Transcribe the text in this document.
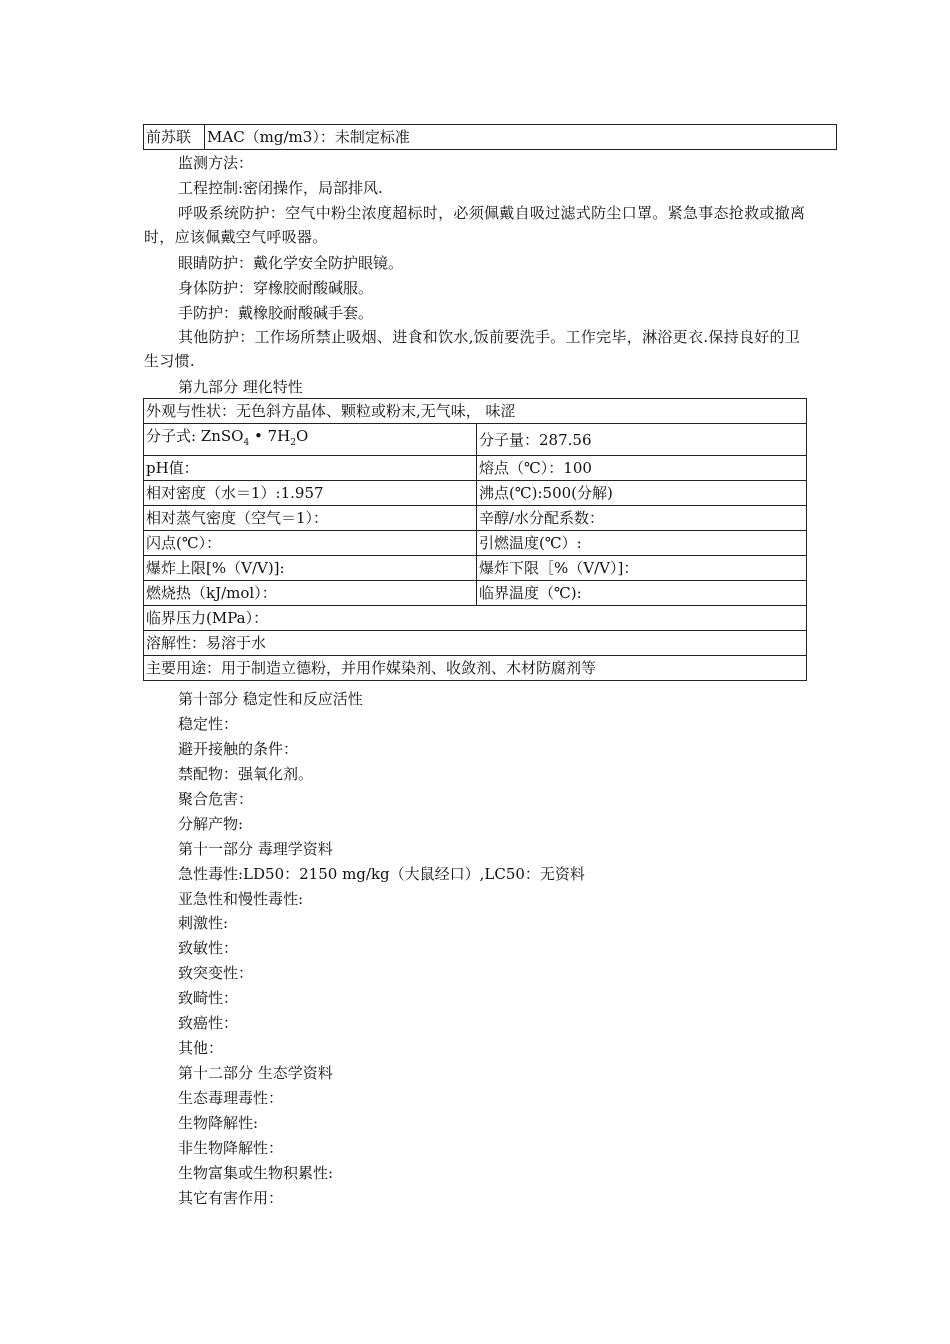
前苏联	MAC（mg/m3）：未制定标准
监测方法：
工程控制:密闭操作，局部排风.
呼吸系统防护：空气中粉尘浓度超标时，必须佩戴自吸过滤式防尘口罩。紧急事态抢救或撤离时，应该佩戴空气呼吸器。
眼睛防护：戴化学安全防护眼镜。
身体防护：穿橡胶耐酸碱服。
手防护：戴橡胶耐酸碱手套。
其他防护：工作场所禁止吸烟、进食和饮水,饭前要洗手。工作完毕，淋浴更衣.保持良好的卫生习惯.
第九部分 理化特性
外观与性状：无色斜方晶体、颗粒或粉末,无气味， 味涩	
分子式: ZnSO$_4$ • $7H_2O$	分子量：287.56
pH值：	熔点（℃）：100
相对密度（水＝1）:1.957	沸点(℃):500(分解)
相对蒸气密度（空气＝1）：	辛醇/水分配系数：
闪点(℃）：	引燃温度(℃）:
爆炸上限[%（V/V)]:	爆炸下限［%（V/V）]：
燃烧热（kJ/mol）：	临界温度（℃):
临界压力(MPa）：	
溶解性：易溶于水	
主要用途：用于制造立德粉，并用作媒染剂、收敛剂、木材防腐剂等	
第十部分 稳定性和反应活性
稳定性：
避开接触的条件：
禁配物：强氧化剂。
聚合危害：
分解产物:
第十一部分 毒理学资料
急性毒性:LD50：2150 mg/kg（大鼠经口）,LC50：无资料
亚急性和慢性毒性:
刺激性:
致敏性：
致突变性：
致畸性：
致癌性：
其他：
第十二部分 生态学资料
生态毒理毒性：
生物降解性:
非生物降解性：
生物富集或生物积累性:
其它有害作用：
